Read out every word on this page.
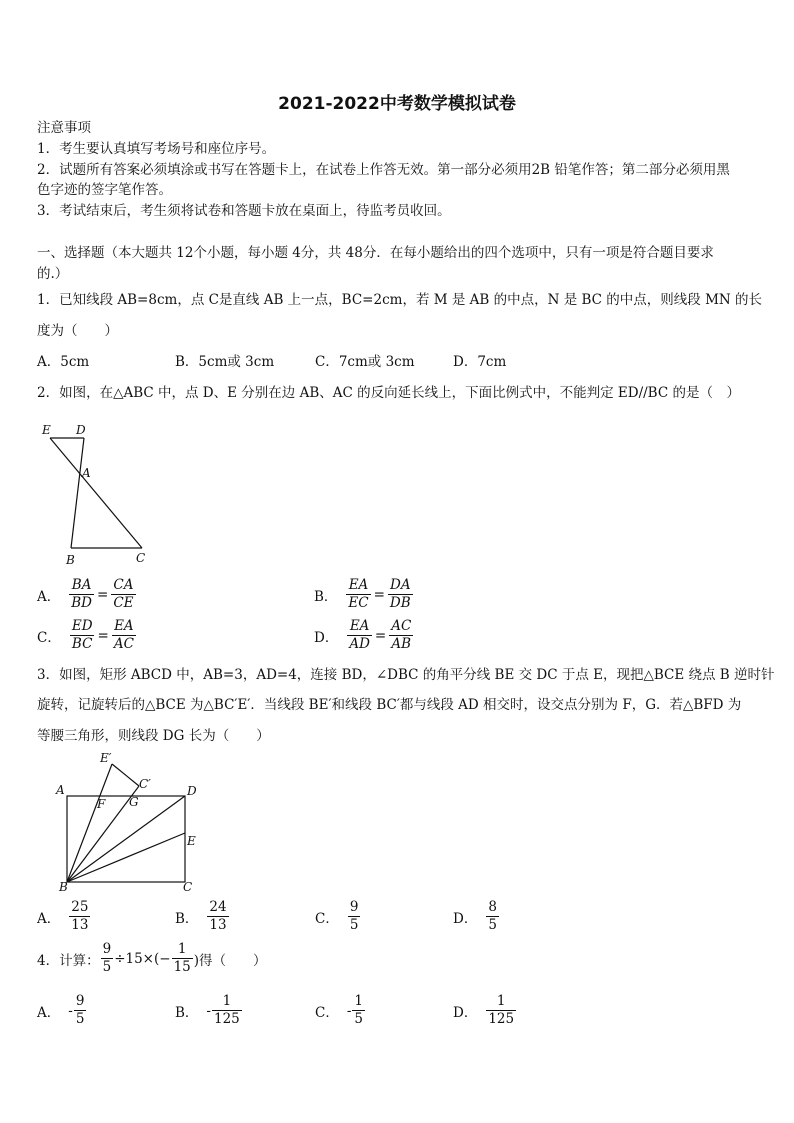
2021-2022中考数学模拟试卷
注意事项
1．考生要认真填写考场号和座位序号。
2．试题所有答案必须填涂或书写在答题卡上，在试卷上作答无效。第一部分必须用2B 铅笔作答；第二部分必须用黑
色字迹的签字笔作答。
3．考试结束后，考生须将试卷和答题卡放在桌面上，待监考员收回。
一、选择题（本大题共 12个小题，每小题 4分，共 48分．在每小题给出的四个选项中，只有一项是符合题目要求
的.）
1．已知线段 AB=8cm，点 C是直线 AB 上一点，BC=2cm，若 M 是 AB 的中点，N 是 BC 的中点，则线段 MN 的长
度为（　　）
A．5cm	B．5cm或 3cm	C．7cm或 3cm	D．7cm
2．如图，在△ABC 中，点 D、E 分别在边 AB、AC 的反向延长线上，下面比例式中，不能判定 ED//BC 的是（　）
E D
A
B	C
A． $\frac{BA}{BD} = \frac{CA}{CE}$	B． $\frac{EA}{EC} = \frac{DA}{DB}$
C． $\frac{ED}{BC} = \frac{EA}{AC}$	D． $\frac{EA}{AD} = \frac{AC}{AB}$
3．如图，矩形 ABCD 中，AB=3，AD=4，连接 BD，∠DBC 的角平分线 BE 交 DC 于点 E，现把△BCE 绕点 B 逆时针
旋转，记旋转后的△BCE 为△BC′E′．当线段 BE′和线段 BC′都与线段 AD 相交时，设交点分别为 F，G．若△BFD 为
等腰三角形，则线段 DG 长为（　　）
E′
C′
A
F G
D
E
B	C
A． $\frac{25}{13}$	B． $\frac{24}{13}$	C． $\frac{9}{5}$	D． $\frac{8}{5}$
4．计算： $\frac{9}{5} \div 15\times(- \frac{1}{15}$ )得（　　）
A． - $\frac{9}{5}$	B． - $\frac{1}{125}$	C． - $\frac{1}{5}$	D． $\frac{1}{125}$
